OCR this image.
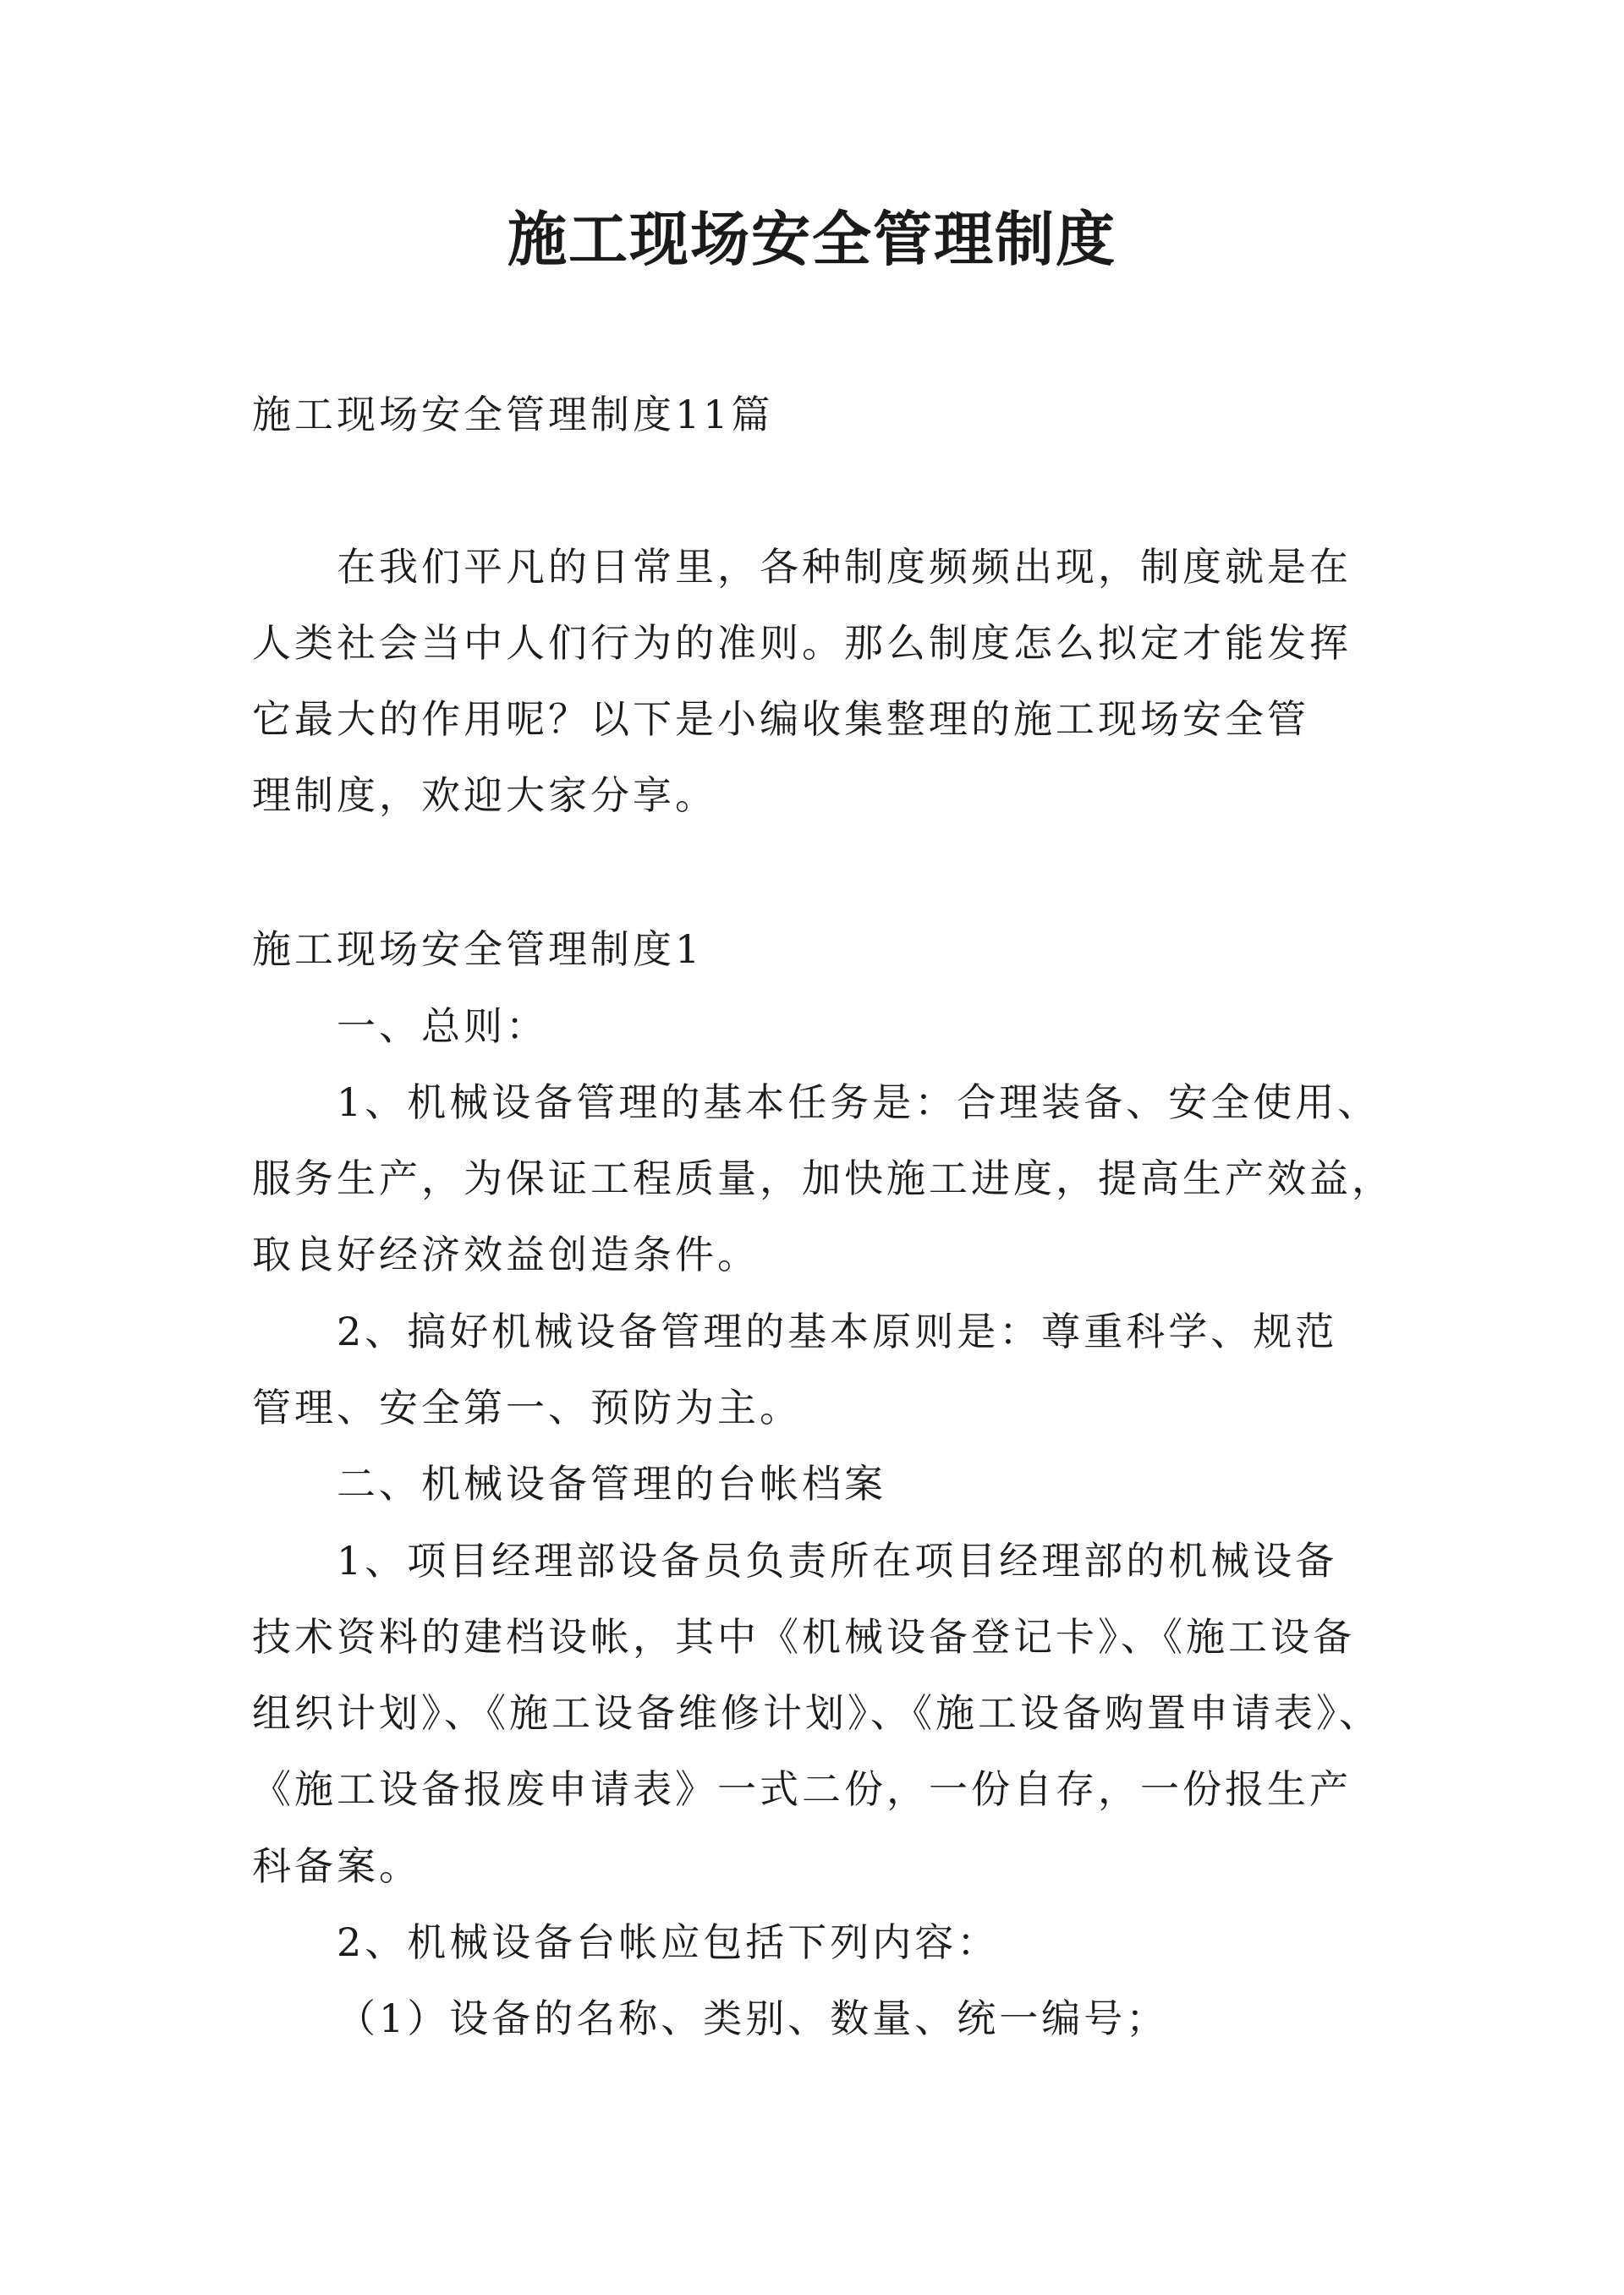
施工现场安全管理制度
施工现场安全管理制度11篇
在我们平凡的日常里，各种制度频频出现，制度就是在
人类社会当中人们行为的准则。那么制度怎么拟定才能发挥
它最大的作用呢？以下是小编收集整理的施工现场安全管
理制度，欢迎大家分享。
施工现场安全管理制度1
一、总则：
1、机械设备管理的基本任务是：合理装备、安全使用、
服务生产，为保证工程质量，加快施工进度，提高生产效益，
取良好经济效益创造条件。
2、搞好机械设备管理的基本原则是：尊重科学、规范
管理、安全第一、预防为主。
二、机械设备管理的台帐档案
1、项目经理部设备员负责所在项目经理部的机械设备
技术资料的建档设帐，其中《机械设备登记卡》、《施工设备
组织计划》、《施工设备维修计划》、《施工设备购置申请表》、
《施工设备报废申请表》一式二份，一份自存，一份报生产
科备案。
2、机械设备台帐应包括下列内容：
（1）设备的名称、类别、数量、统一编号；
